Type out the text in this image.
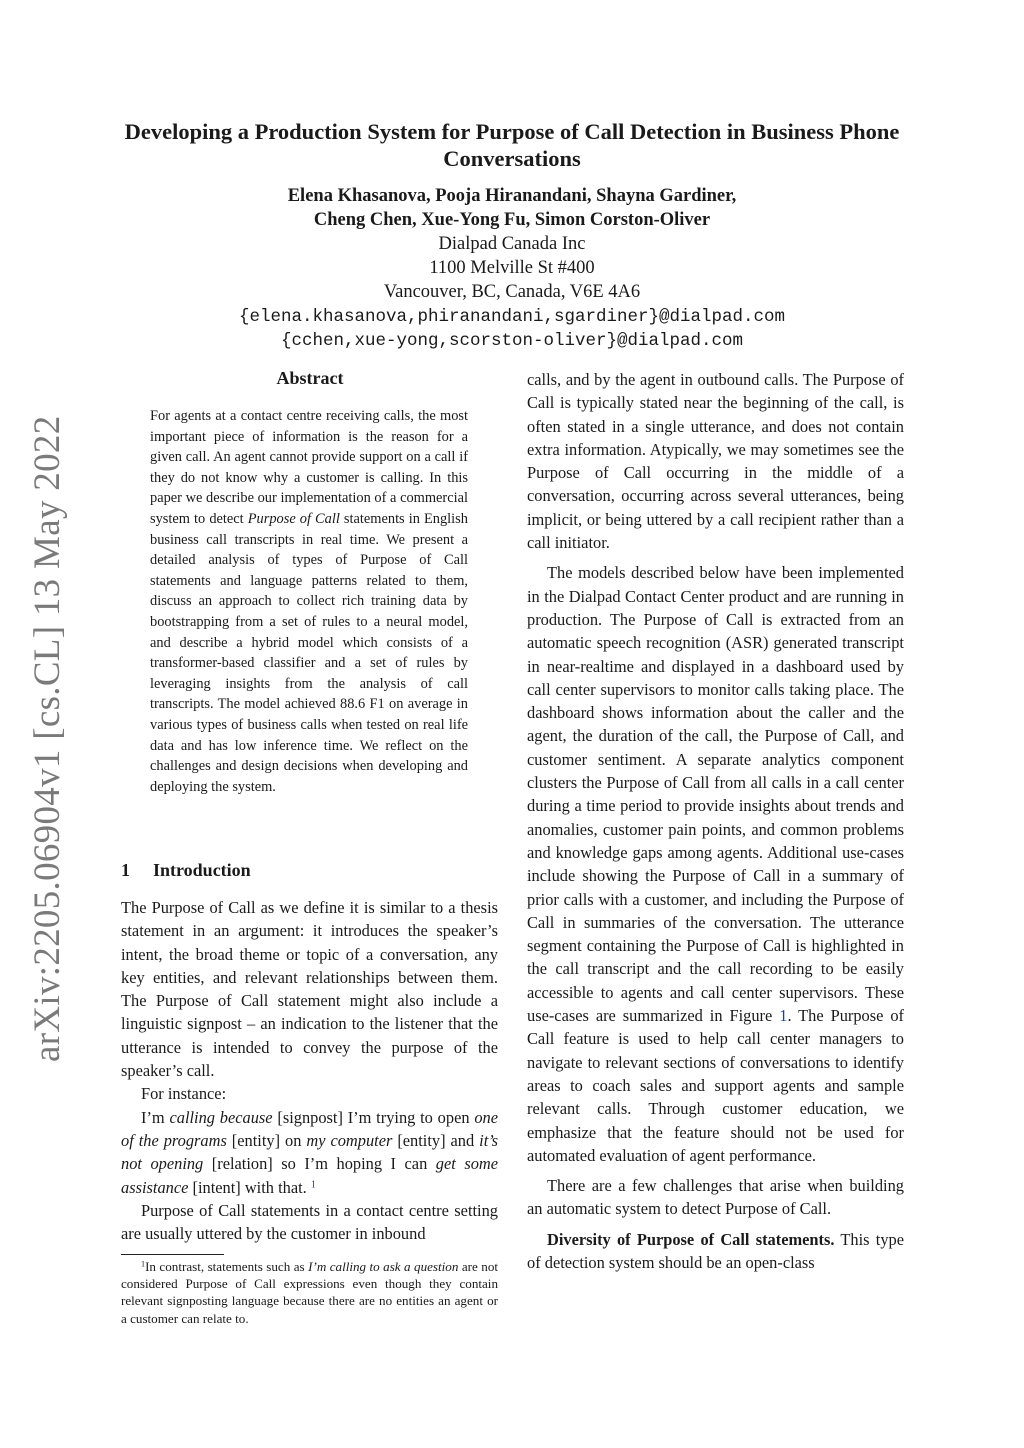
arXiv:2205.06904v1 [cs.CL] 13 May 2022
Developing a Production System for Purpose of Call Detection in Business Phone Conversations
Elena Khasanova, Pooja Hiranandani, Shayna Gardiner,
Cheng Chen, Xue-Yong Fu, Simon Corston-Oliver
Dialpad Canada Inc
1100 Melville St #400
Vancouver, BC, Canada, V6E 4A6
{elena.khasanova,phiranandani,sgardiner}@dialpad.com
{cchen,xue-yong,scorston-oliver}@dialpad.com
Abstract
For agents at a contact centre receiving calls, the most important piece of information is the reason for a given call. An agent cannot provide support on a call if they do not know why a customer is calling. In this paper we describe our implementation of a commercial system to detect Purpose of Call statements in English business call transcripts in real time. We present a detailed analysis of types of Purpose of Call statements and language patterns related to them, discuss an approach to collect rich training data by bootstrapping from a set of rules to a neural model, and describe a hybrid model which consists of a transformer-based classifier and a set of rules by leveraging insights from the analysis of call transcripts. The model achieved 88.6 F1 on average in various types of business calls when tested on real life data and has low inference time. We reflect on the challenges and design decisions when developing and deploying the system.
1 Introduction

The Purpose of Call as we define it is similar to a thesis statement in an argument: it introduces the speaker’s intent, the broad theme or topic of a conversation, any key entities, and relevant relationships between them. The Purpose of Call statement might also include a linguistic signpost – an indication to the listener that the utterance is intended to convey the purpose of the speaker’s call.

For instance:

I’m calling because [signpost] I’m trying to open one of the programs [entity] on my computer [entity] and it’s not opening [relation] so I’m hoping I can get some assistance [intent] with that. $^1$

Purpose of Call statements in a contact centre setting are usually uttered by the customer in inbound

$^1$In contrast, statements such as I’m calling to ask a question are not considered Purpose of Call expressions even though they contain relevant signposting language because there are no entities an agent or a customer can relate to.

calls, and by the agent in outbound calls. The Purpose of Call is typically stated near the beginning of the call, is often stated in a single utterance, and does not contain extra information. Atypically, we may sometimes see the Purpose of Call occurring in the middle of a conversation, occurring across several utterances, being implicit, or being uttered by a call recipient rather than a call initiator.

The models described below have been implemented in the Dialpad Contact Center product and are running in production. The Purpose of Call is extracted from an automatic speech recognition (ASR) generated transcript in near-realtime and displayed in a dashboard used by call center supervisors to monitor calls taking place. The dashboard shows information about the caller and the agent, the duration of the call, the Purpose of Call, and customer sentiment. A separate analytics component clusters the Purpose of Call from all calls in a call center during a time period to provide insights about trends and anomalies, customer pain points, and common problems and knowledge gaps among agents. Additional use-cases include showing the Purpose of Call in a summary of prior calls with a customer, and including the Purpose of Call in summaries of the conversation. The utterance segment containing the Purpose of Call is highlighted in the call transcript and the call recording to be easily accessible to agents and call center supervisors. These use-cases are summarized in Figure 1. The Purpose of Call feature is used to help call center managers to navigate to relevant sections of conversations to identify areas to coach sales and support agents and sample relevant calls. Through customer education, we emphasize that the feature should not be used for automated evaluation of agent performance.

There are a few challenges that arise when building an automatic system to detect Purpose of Call.

Diversity of Purpose of Call statements. This type of detection system should be an open-class
